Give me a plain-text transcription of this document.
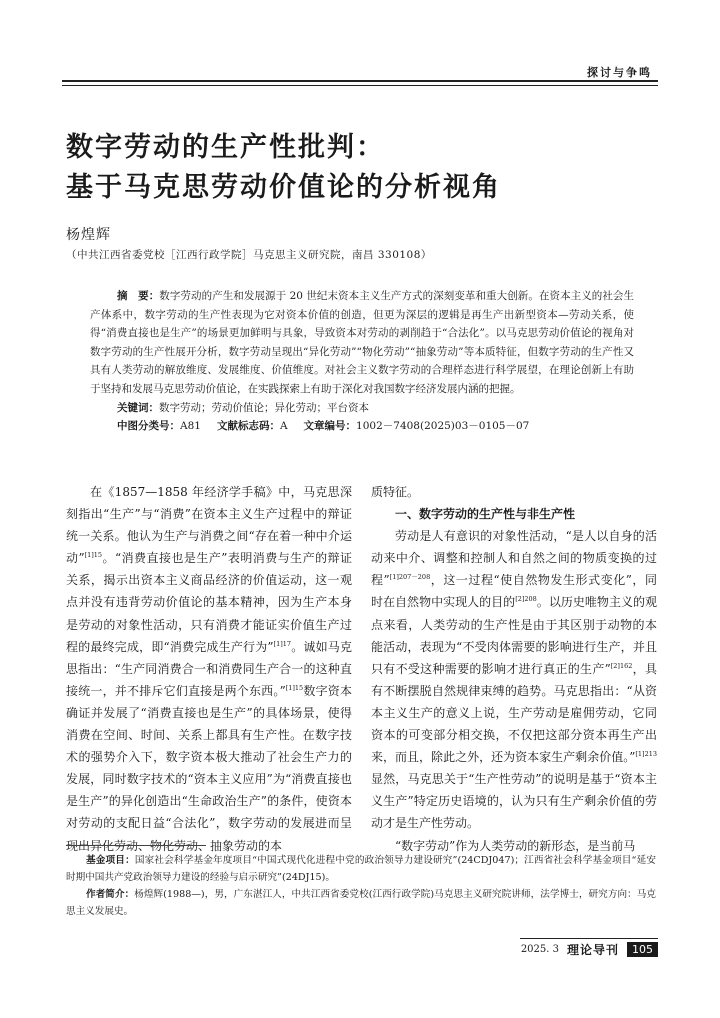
探讨与争鸣
数字劳动的生产性批判：
基于马克思劳动价值论的分析视角
杨煌辉
（中共江西省委党校［江西行政学院］马克思主义研究院，南昌 330108）
摘　要：数字劳动的产生和发展源于 20 世纪末资本主义生产方式的深刻变革和重大创新。在资本主义的社会生产体系中，数字劳动的生产性表现为它对资本价值的创造，但更为深层的逻辑是再生产出新型资本—劳动关系，使得“消费直接也是生产”的场景更加鲜明与具象，导致资本对劳动的剥削趋于“合法化”。以马克思劳动价值论的视角对数字劳动的生产性展开分析，数字劳动呈现出“异化劳动”“物化劳动”“抽象劳动”等本质特征，但数字劳动的生产性又具有人类劳动的解放维度、发展维度、价值维度。对社会主义数字劳动的合理样态进行科学展望，在理论创新上有助于坚持和发展马克思劳动价值论，在实践探索上有助于深化对我国数字经济发展内涵的把握。
关键词：数字劳动；劳动价值论；异化劳动；平台资本
中图分类号：A81 文献标志码：A 文章编号：1002－7408(2025)03－0105－07

在《1857—1858 年经济学手稿》中，马克思深刻指出“生产”与“消费”在资本主义生产过程中的辩证统一关系。他认为生产与消费之间“存在着一种中介运动”$^{[1]15}$。“消费直接也是生产”表明消费与生产的辩证关系，揭示出资本主义商品经济的价值运动，这一观点并没有违背劳动价值论的基本精神，因为生产本身是劳动的对象性活动，只有消费才能证实价值生产过程的最终完成，即“消费完成生产行为”$^{[1]17}$。诚如马克思指出：“生产同消费合一和消费同生产合一的这种直接统一，并不排斥它们直接是两个东西。”$^{[1]15}$数字资本确证并发展了“消费直接也是生产”的具体场景，使得消费在空间、时间、关系上都具有生产性。在数字技术的强势介入下，数字资本极大推动了社会生产力的发展，同时数字技术的“资本主义应用”为“消费直接也是生产”的异化创造出“生命政治生产”的条件，使资本对劳动的支配日益“合法化”，数字劳动的发展进而呈现出异化劳动、物化劳动、抽象劳动的本

质特征。

一、数字劳动的生产性与非生产性

劳动是人有意识的对象性活动，“是人以自身的活动来中介、调整和控制人和自然之间的物质变换的过程”$^{[1]207-208}$，这一过程“使自然物发生形式变化”，同时在自然物中实现人的目的$^{[2]208}$。以历史唯物主义的观点来看，人类劳动的生产性是由于其区别于动物的本能活动，表现为“不受肉体需要的影响进行生产，并且只有不受这种需要的影响才进行真正的生产”$^{[2]162}$，具有不断摆脱自然规律束缚的趋势。马克思指出：“从资本主义生产的意义上说，生产劳动是雇佣劳动，它同资本的可变部分相交换，不仅把这部分资本再生产出来，而且，除此之外，还为资本家生产剩余价值。”$^{[1]213}$显然，马克思关于“生产性劳动”的说明是基于“资本主义生产”特定历史语境的，认为只有生产剩余价值的劳动才是生产性劳动。

“数字劳动”作为人类劳动的新形态，是当前马

基金项目：国家社会科学基金年度项目“中国式现代化进程中党的政治领导力建设研究”(24CDJ047)；江西省社会科学基金项目“延安时期中国共产党政治领导力建设的经验与启示研究”(24DJ15)。
作者简介：杨煌辉(1988—)，男，广东湛江人，中共江西省委党校(江西行政学院)马克思主义研究院讲师，法学博士，研究方向：马克思主义发展史。
2025. 3 理论导刊	105
